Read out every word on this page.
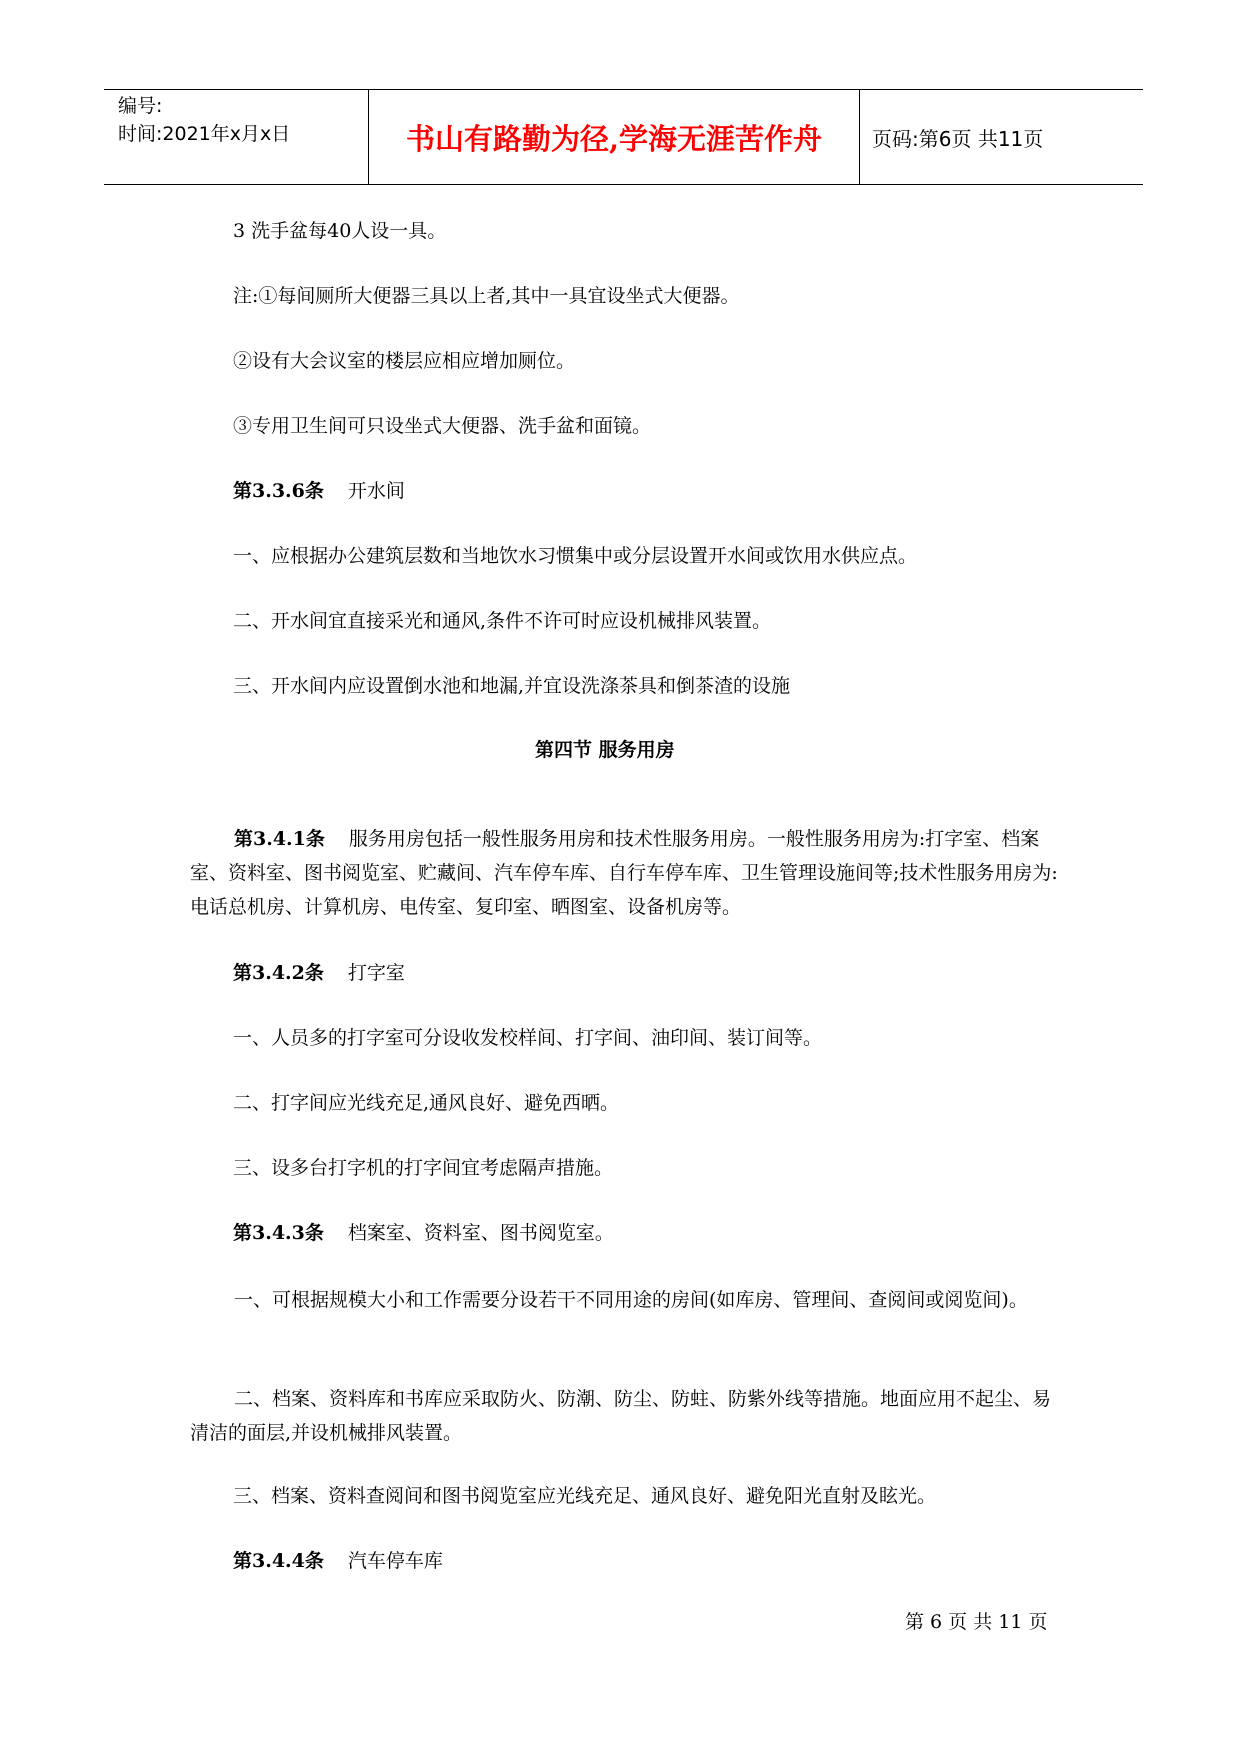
编号:
时间:2021年x月x日	书山有路勤为径,学海无涯苦作舟	页码:第6页 共11页

3 洗手盆每40人设一具。

注:①每间厕所大便器三具以上者,其中一具宜设坐式大便器。

②设有大会议室的楼层应相应增加厕位。

③专用卫生间可只设坐式大便器、洗手盆和面镜。

第3.3.6条 开水间

一、应根据办公建筑层数和当地饮水习惯集中或分层设置开水间或饮用水供应点。

二、开水间宜直接采光和通风,条件不许可时应设机械排风装置。

三、开水间内应设置倒水池和地漏,并宜设洗涤茶具和倒茶渣的设施

第四节 服务用房

第3.4.1条 服务用房包括一般性服务用房和技术性服务用房。一般性服务用房为:打字室、档案室、资料室、图书阅览室、贮藏间、汽车停车库、自行车停车库、卫生管理设施间等;技术性服务用房为:电话总机房、计算机房、电传室、复印室、晒图室、设备机房等。

第3.4.2条 打字室

一、人员多的打字室可分设收发校样间、打字间、油印间、装订间等。

二、打字间应光线充足,通风良好、避免西晒。

三、设多台打字机的打字间宜考虑隔声措施。

第3.4.3条 档案室、资料室、图书阅览室。

一、可根据规模大小和工作需要分设若干不同用途的房间(如库房、管理间、查阅间或阅览间)。

二、档案、资料库和书库应采取防火、防潮、防尘、防蛀、防紫外线等措施。地面应用不起尘、易清洁的面层,并设机械排风装置。

三、档案、资料查阅间和图书阅览室应光线充足、通风良好、避免阳光直射及眩光。

第3.4.4条 汽车停车库

第 6 页 共 11 页
